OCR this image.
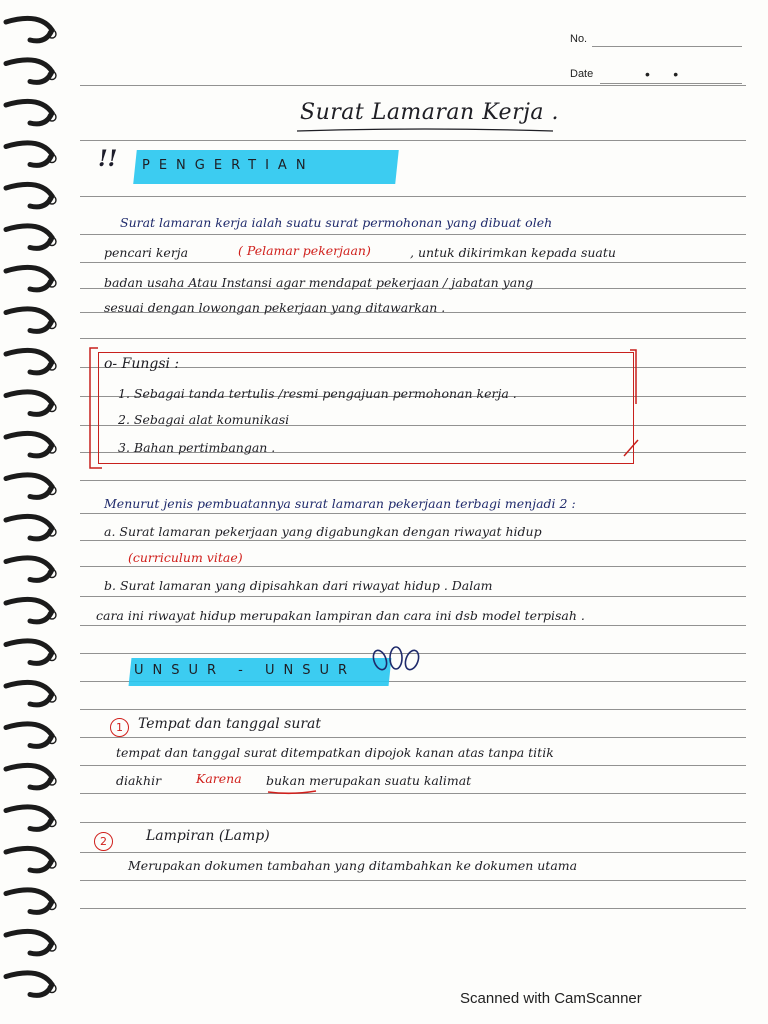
No.
Date	•      •
Surat Lamaran Kerja .
!! PENGERTIAN
Surat lamaran kerja ialah suatu surat permohonan yang dibuat oleh
pencari kerja	( Pelamar pekerjaan)	, untuk dikirimkan kepada suatu
badan usaha Atau Instansi agar mendapat pekerjaan / jabatan yang
sesuai dengan lowongan pekerjaan yang ditawarkan .
o- Fungsi :
1. Sebagai tanda tertulis /resmi pengajuan permohonan kerja .
2. Sebagai alat komunikasi
3. Bahan pertimbangan .
Menurut jenis pembuatannya surat lamaran pekerjaan terbagi menjadi 2 :
a. Surat lamaran pekerjaan yang digabungkan dengan riwayat hidup
(curriculum vitae)
b. Surat lamaran yang dipisahkan dari riwayat hidup . Dalam
cara ini riwayat hidup merupakan lampiran dan cara ini dsb model terpisah .
UNSUR - UNSUR
1	Tempat dan tanggal surat
tempat dan tanggal surat ditempatkan dipojok kanan atas tanpa titik
diakhir	Karena bukan merupakan suatu kalimat
2	Lampiran (Lamp)
Merupakan dokumen tambahan yang ditambahkan ke dokumen utama
Scanned with CamScanner
